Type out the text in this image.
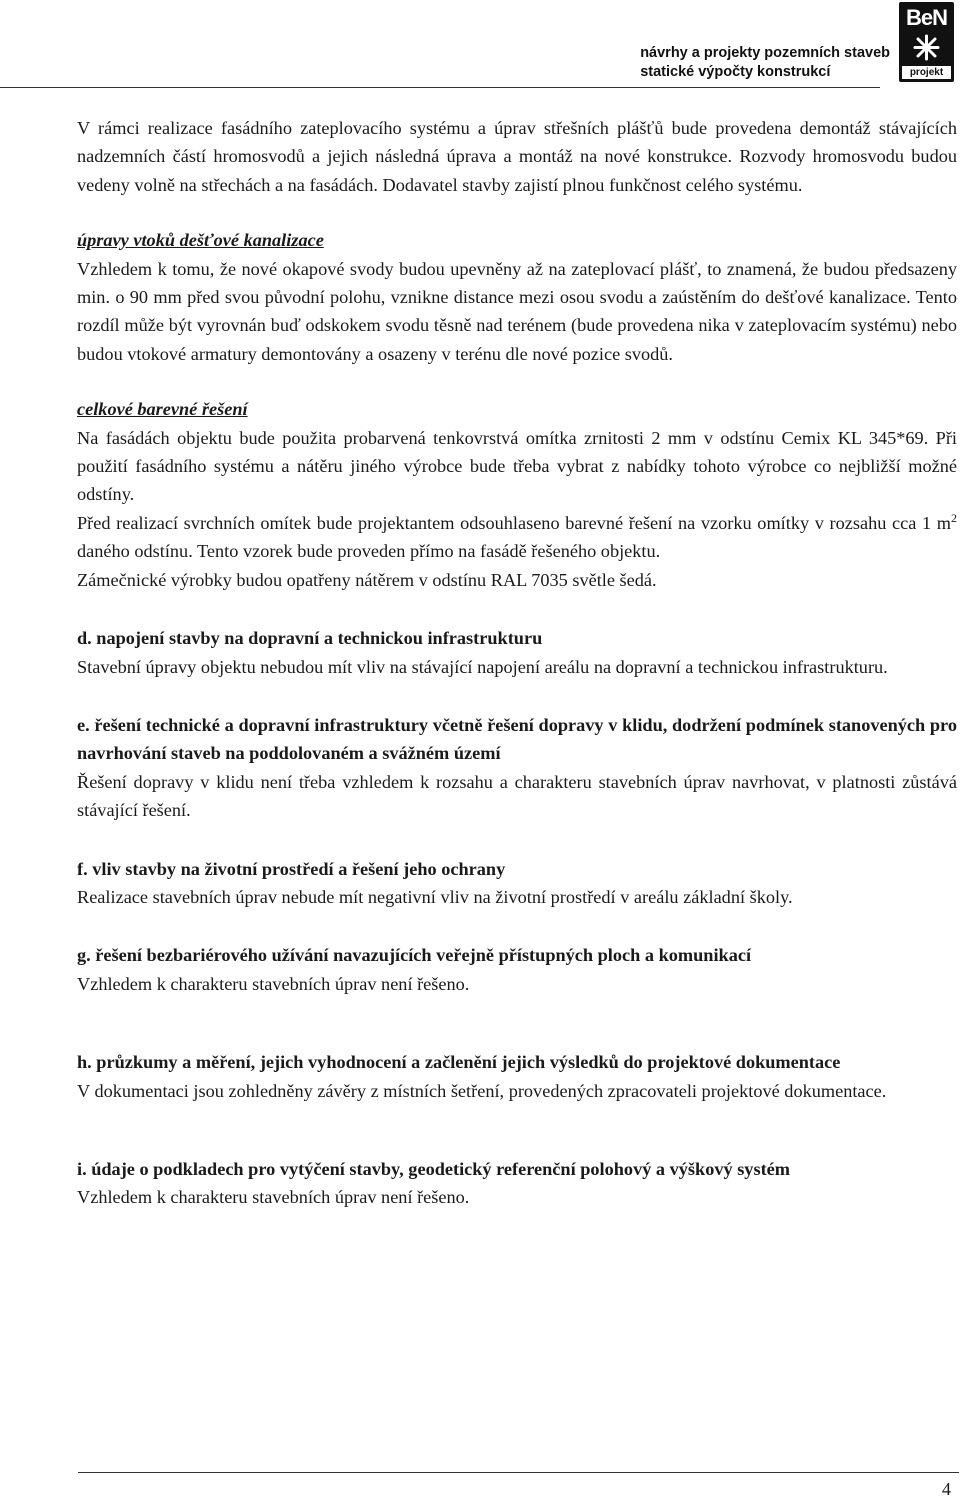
návrhy a projekty pozemních staveb
statické výpočty konstrukcí
BeN
projekt

V rámci realizace fasádního zateplovacího systému a úprav střešních plášťů bude provedena demontáž stávajících nadzemních částí hromosvodů a jejich následná úprava a montáž na nové konstrukce. Rozvody hromosvodu budou vedeny volně na střechách a na fasádách. Dodavatel stavby zajistí plnou funkčnost celého systému.

úpravy vtoků dešťové kanalizace

Vzhledem k tomu, že nové okapové svody budou upevněny až na zateplovací plášť, to znamená, že budou předsazeny min. o 90 mm před svou původní polohu, vznikne distance mezi osou svodu a zaústěním do dešťové kanalizace. Tento rozdíl může být vyrovnán buď odskokem svodu těsně nad terénem (bude provedena nika v zateplovacím systému) nebo budou vtokové armatury demontovány a osazeny v terénu dle nové pozice svodů.

celkové barevné řešení

Na fasádách objektu bude použita probarvená tenkovrstvá omítka zrnitosti 2 mm v odstínu Cemix KL 345*69. Při použití fasádního systému a nátěru jiného výrobce bude třeba vybrat z nabídky tohoto výrobce co nejbližší možné odstíny.

Před realizací svrchních omítek bude projektantem odsouhlaseno barevné řešení na vzorku omítky v rozsahu cca 1 $m^2$ daného odstínu. Tento vzorek bude proveden přímo na fasádě řešeného objektu.

Zámečnické výrobky budou opatřeny nátěrem v odstínu RAL 7035 světle šedá.

d. napojení stavby na dopravní a technickou infrastrukturu

Stavební úpravy objektu nebudou mít vliv na stávající napojení areálu na dopravní a technickou infrastrukturu.

e. řešení technické a dopravní infrastruktury včetně řešení dopravy v klidu, dodržení podmínek stanovených pro navrhování staveb na poddolovaném a svážném území

Řešení dopravy v klidu není třeba vzhledem k rozsahu a charakteru stavebních úprav navrhovat, v platnosti zůstává stávající řešení.

f. vliv stavby na životní prostředí a řešení jeho ochrany

Realizace stavebních úprav nebude mít negativní vliv na životní prostředí v areálu základní školy.

g. řešení bezbariérového užívání navazujících veřejně přístupných ploch a komunikací

Vzhledem k charakteru stavebních úprav není řešeno.

h. průzkumy a měření, jejich vyhodnocení a začlenění jejich výsledků do projektové dokumentace

V dokumentaci jsou zohledněny závěry z místních šetření, provedených zpracovateli projektové dokumentace.

i. údaje o podkladech pro vytýčení stavby, geodetický referenční polohový a výškový systém

Vzhledem k charakteru stavebních úprav není řešeno.

4
